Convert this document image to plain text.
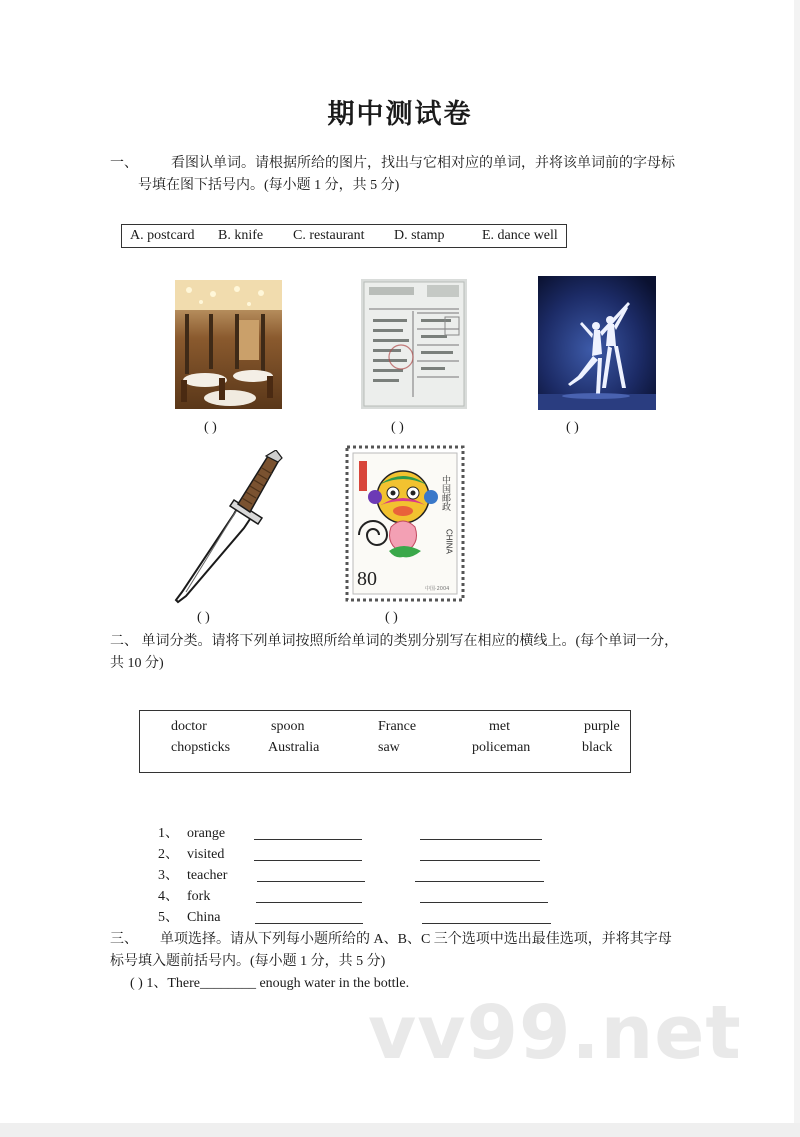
期中测试卷
一、 看图认单词。请根据所给的图片，找出与它相对应的单词，并将该单词前的字母标
号填在图下括号内。(每小题 1 分，共 5 分)
A. postcard B. knife C. restaurant D. stamp	E. dance well
( )	( )	( )
( )
中国邮政
CHINA
80	中国·2004
( )
二、 单词分类。请将下列单词按照所给单词的类别分别写在相应的横线上。(每个单词一分，
共 10 分)
doctor	spoon	France	met	purple
chopsticks	Australia	saw	policeman	black
1、 orange
2、 visited
3、 teacher
4、 fork
5、 China
三、 单项选择。请从下列每小题所给的 A、B、C 三个选项中选出最佳选项，并将其字母
标号填入题前括号内。(每小题 1 分，共 5 分)
( ) 1、There________ enough water in the bottle.
vv99.net
